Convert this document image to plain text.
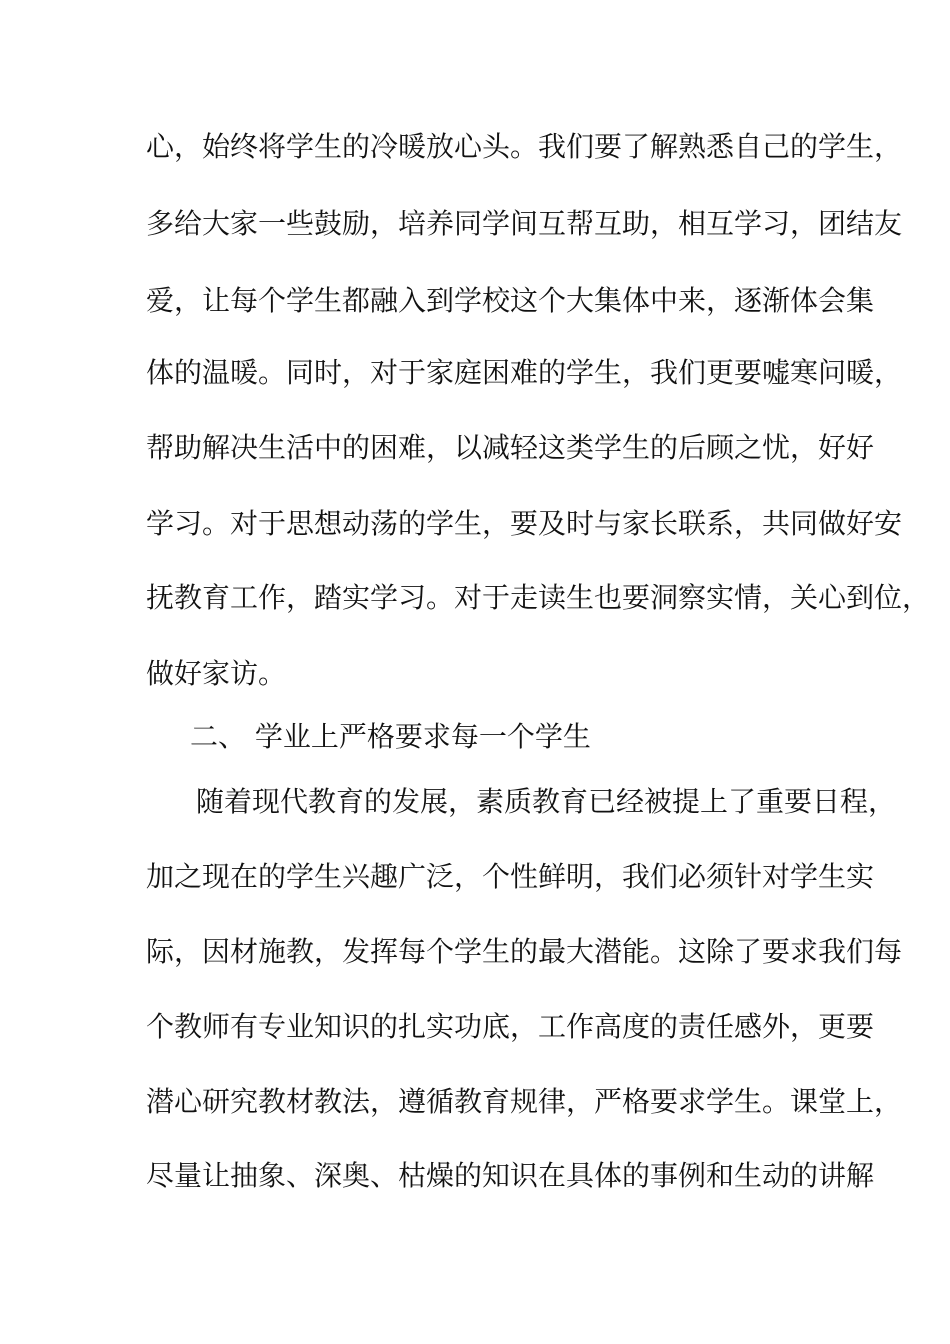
心，始终将学生的冷暖放心头。我们要了解熟悉自己的学生，
多给大家一些鼓励，培养同学间互帮互助，相互学习，团结友
爱，让每个学生都融入到学校这个大集体中来，逐渐体会集
体的温暖。同时，对于家庭困难的学生，我们更要嘘寒问暖，
帮助解决生活中的困难，以减轻这类学生的后顾之忧，好好
学习。对于思想动荡的学生，要及时与家长联系，共同做好安
抚教育工作，踏实学习。对于走读生也要洞察实情，关心到位，
做好家访。
二、 学业上严格要求每一个学生
随着现代教育的发展，素质教育已经被提上了重要日程，
加之现在的学生兴趣广泛，个性鲜明，我们必须针对学生实
际，因材施教，发挥每个学生的最大潜能。这除了要求我们每
个教师有专业知识的扎实功底，工作高度的责任感外，更要
潜心研究教材教法，遵循教育规律，严格要求学生。课堂上，
尽量让抽象、深奥、枯燥的知识在具体的事例和生动的讲解
